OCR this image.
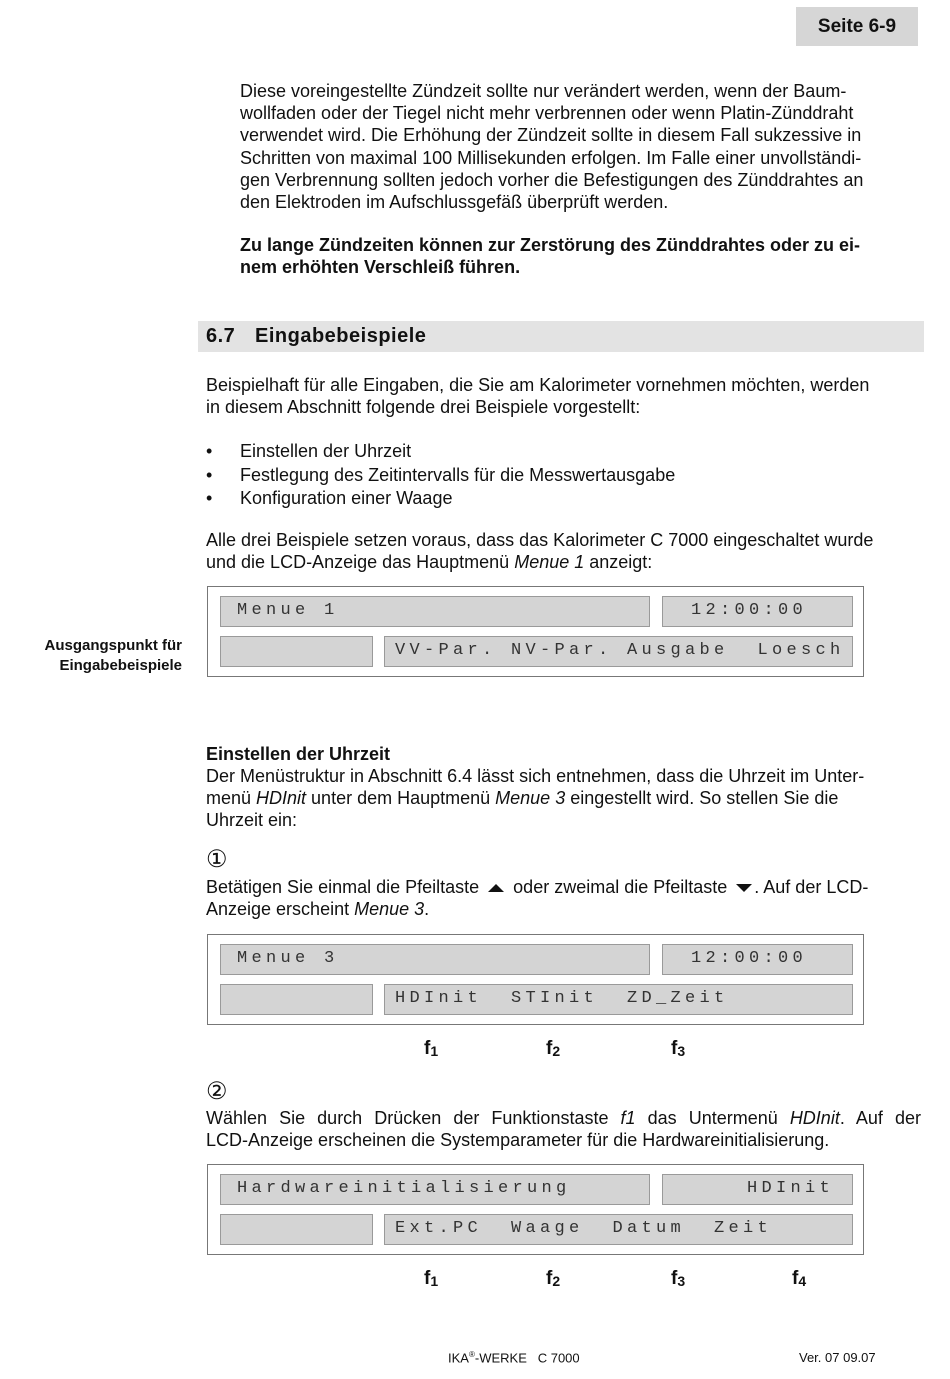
Seite 6-9
Diese voreingestellte Zündzeit sollte nur verändert werden, wenn der Baum-
wollfaden oder der Tiegel nicht mehr verbrennen oder wenn Platin-Zünddraht
verwendet wird. Die Erhöhung der Zündzeit sollte in diesem Fall sukzessive in
Schritten von maximal 100 Millisekunden erfolgen. Im Falle einer unvollständi-
gen Verbrennung sollten jedoch vorher die Befestigungen des Zünddrahtes an
den Elektroden im Aufschlussgefäß überprüft werden.
Zu lange Zündzeiten können zur Zerstörung des Zünddrahtes oder zu ei-
nem erhöhten Verschleiß führen.
6.7 Eingabebeispiele
Beispielhaft für alle Eingaben, die Sie am Kalorimeter vornehmen möchten, werden
in diesem Abschnitt folgende drei Beispiele vorgestellt:
• Einstellen der Uhrzeit
• Festlegung des Zeitintervalls für die Messwertausgabe
• Konfiguration einer Waage
Alle drei Beispiele setzen voraus, dass das Kalorimeter C 7000 eingeschaltet wurde
und die LCD-Anzeige das Hauptmenü Menue 1 anzeigt:
Ausgangspunkt für
Eingabebeispiele
Menue 1	12:00:00
VV-Par. NV-Par. Ausgabe  Loesch
Einstellen der Uhrzeit
Der Menüstruktur in Abschnitt 6.4 lässt sich entnehmen, dass die Uhrzeit im Unter-
menü HDInit unter dem Hauptmenü Menue 3 eingestellt wird. So stellen Sie die
Uhrzeit ein:
①
Betätigen Sie einmal die Pfeiltaste oder zweimal die Pfeiltaste . Auf der LCD-
Anzeige erscheint Menue 3.
Menue 3	12:00:00
HDInit  STInit  ZD_Zeit
$f_1$	$f_2$	$f_3$
②
Wählen Sie durch Drücken der Funktionstaste f1 das Untermenü HDInit. Auf der
LCD-Anzeige erscheinen die Systemparameter für die Hardwareinitialisierung.
Hardwareinitialisierung	HDInit
Ext.PC  Waage  Datum  Zeit
$f_1$	$f_2$	$f_3$	$f_4$
IKA®-WERKE   C 7000	Ver. 07 09.07
